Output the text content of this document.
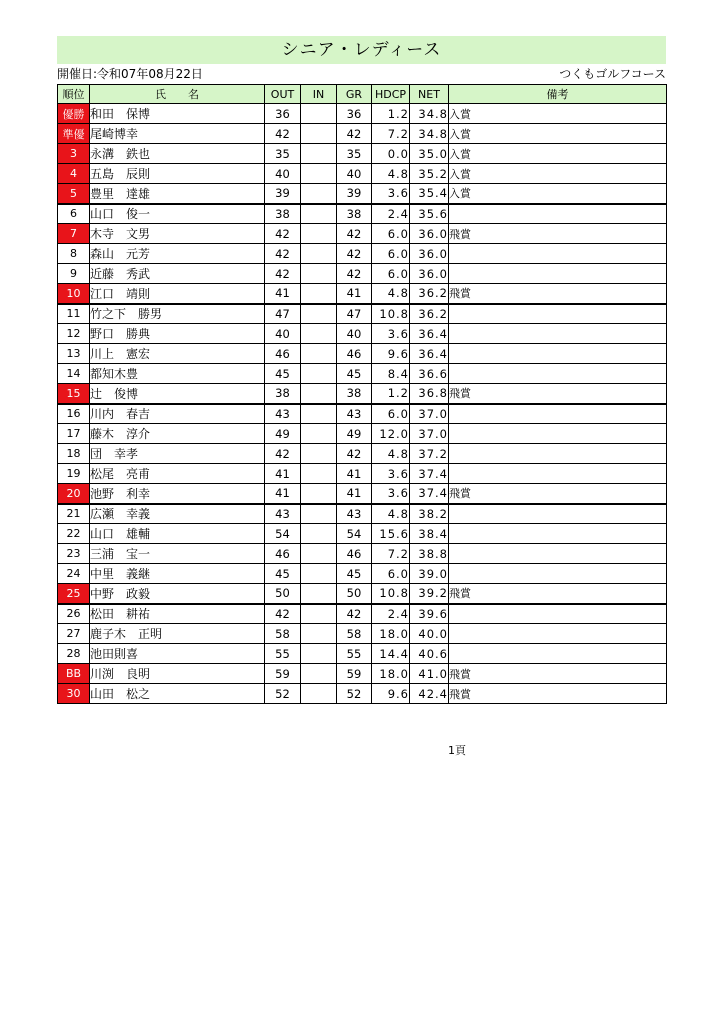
シニア・レディース
開催日:令和07年08月22日	つくもゴルフコース
順位	氏　　名	OUT	IN	GR	HDCP	NET	備考
優勝	和田　保博	36		36	1.2	34.8	入賞
準優	尾崎博幸	42		42	7.2	34.8	入賞
3	永溝　鉄也	35		35	0.0	35.0	入賞
4	五島　辰則	40		40	4.8	35.2	入賞
5	豊里　達雄	39		39	3.6	35.4	入賞
6	山口　俊一	38		38	2.4	35.6	
7	木寺　文男	42		42	6.0	36.0	飛賞
8	森山　元芳	42		42	6.0	36.0	
9	近藤　秀武	42		42	6.0	36.0	
10	江口　靖則	41		41	4.8	36.2	飛賞
11	竹之下　勝男	47		47	10.8	36.2	
12	野口　勝典	40		40	3.6	36.4	
13	川上　憲宏	46		46	9.6	36.4	
14	都知木豊	45		45	8.4	36.6	
15	辻　俊博	38		38	1.2	36.8	飛賞
16	川内　春吉	43		43	6.0	37.0	
17	藤木　淳介	49		49	12.0	37.0	
18	団　幸孝	42		42	4.8	37.2	
19	松尾　亮甫	41		41	3.6	37.4	
20	池野　利幸	41		41	3.6	37.4	飛賞
21	広瀬　幸義	43		43	4.8	38.2	
22	山口　雄輔	54		54	15.6	38.4	
23	三浦　宝一	46		46	7.2	38.8	
24	中里　義継	45		45	6.0	39.0	
25	中野　政毅	50		50	10.8	39.2	飛賞
26	松田　耕祐	42		42	2.4	39.6	
27	鹿子木　正明	58		58	18.0	40.0	
28	池田則喜	55		55	14.4	40.6	
BB	川渕　良明	59		59	18.0	41.0	飛賞
30	山田　松之	52		52	9.6	42.4	飛賞
1頁
